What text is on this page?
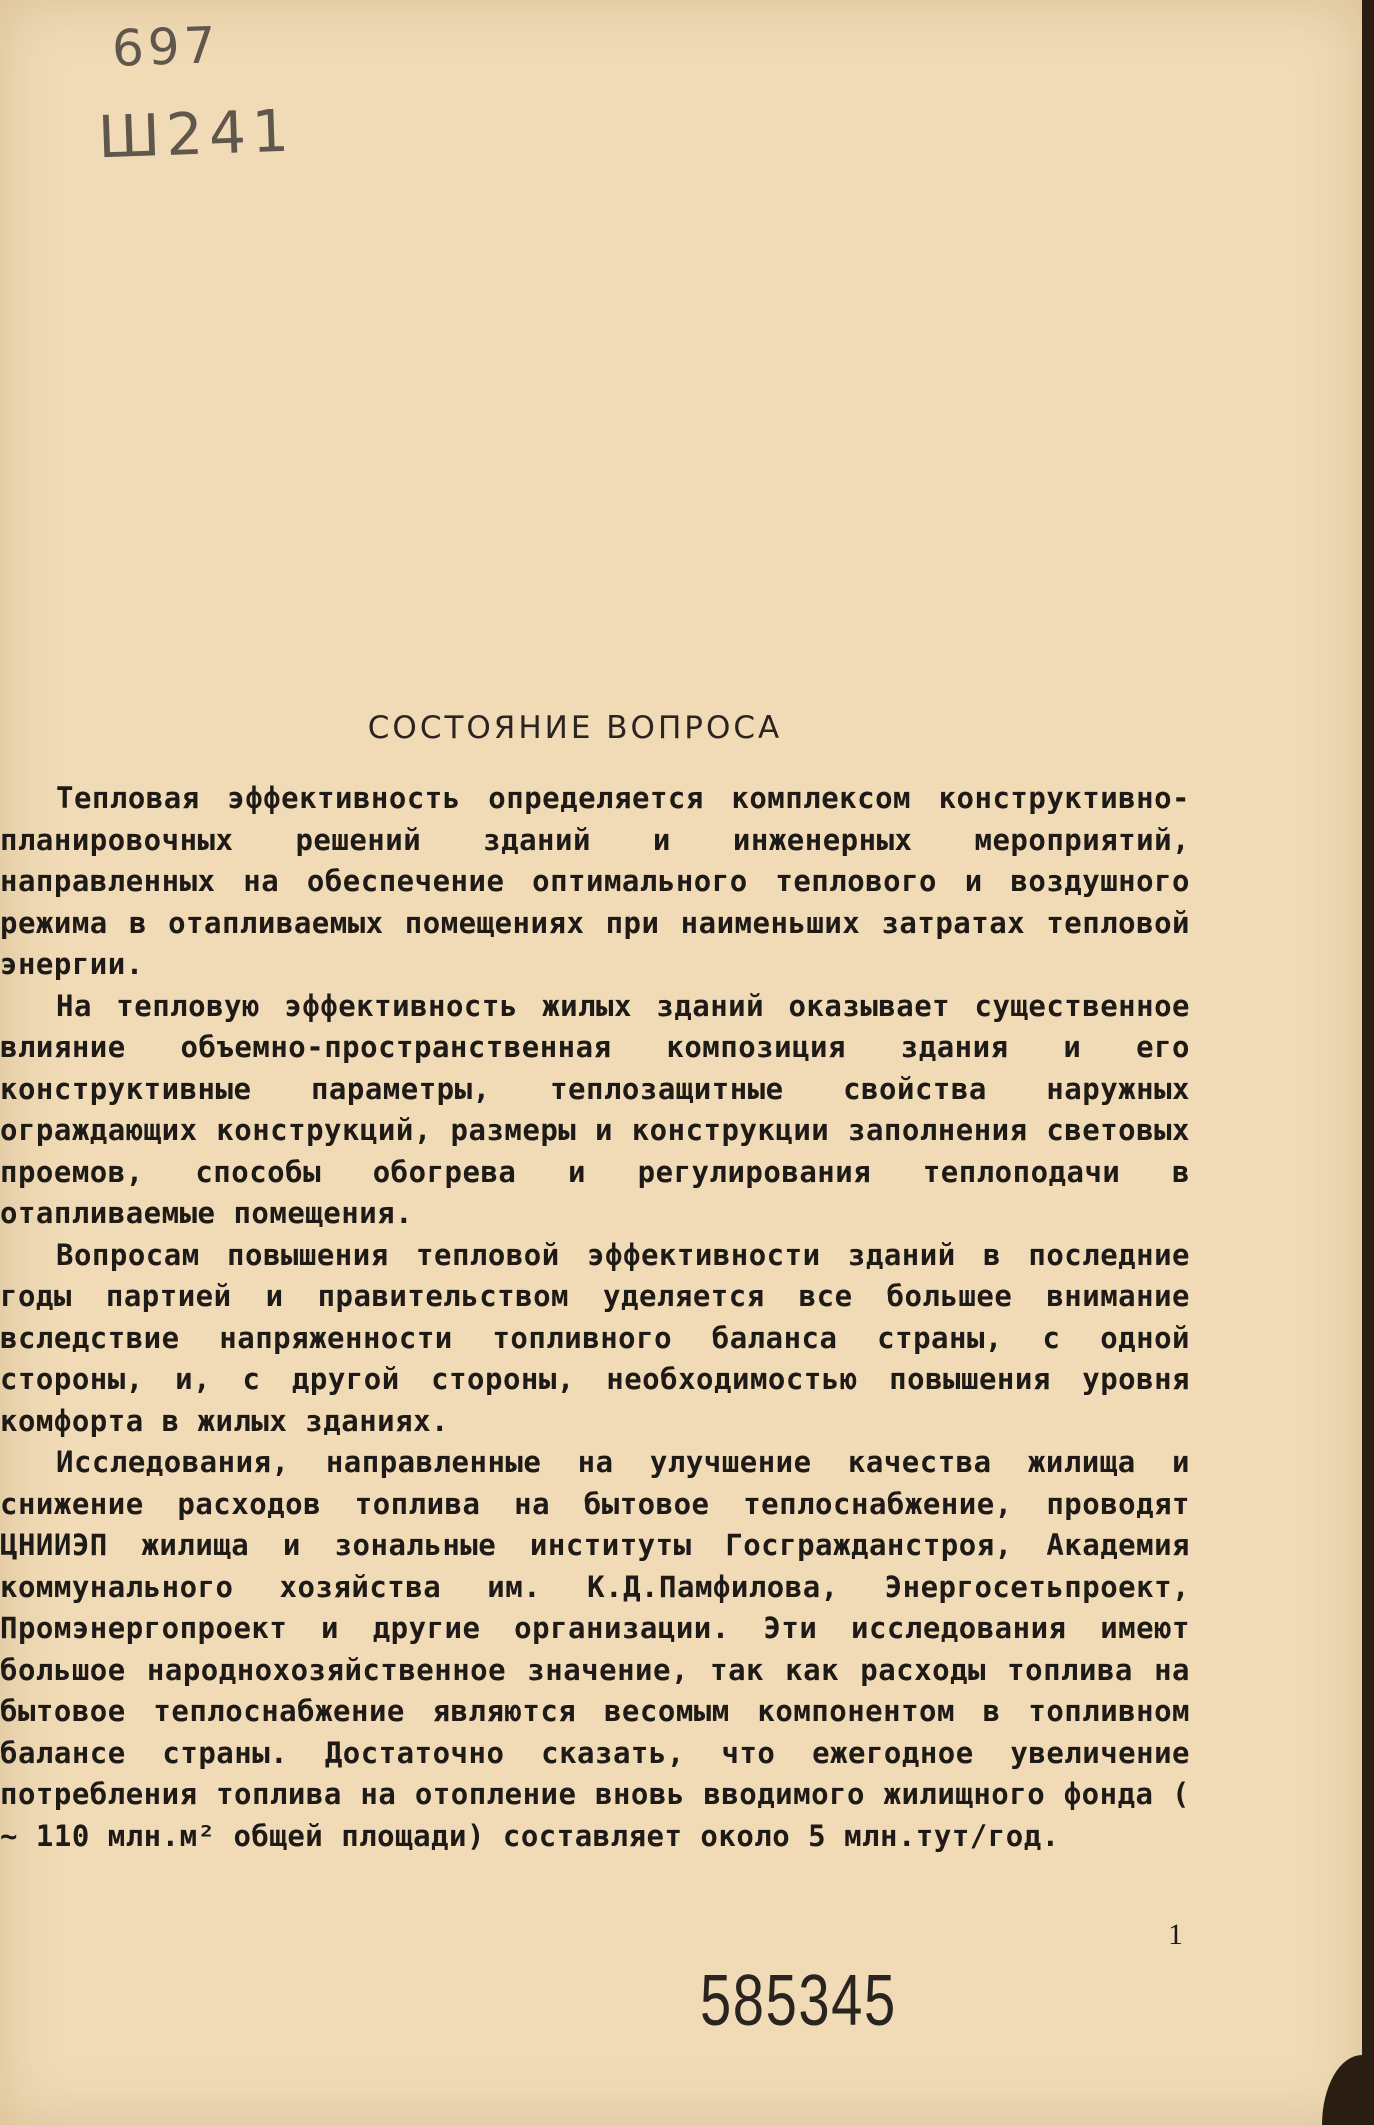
697
Ш241
СОСТОЯНИЕ ВОПРОСА

Тепловая эффективность определяется комплексом конструктивно-планировочных решений зданий и инженерных мероприятий, направленных на обеспечение оптимального теплового и воздушного режима в отапливаемых помещениях при наименьших затратах тепловой энергии.

На тепловую эффективность жилых зданий оказывает существенное влияние объемно-пространственная композиция здания и его конструктивные параметры, теплозащитные свойства наружных ограждающих конструкций, размеры и конструкции заполнения световых проемов, способы обогрева и регулирования теплоподачи в отапливаемые помещения.

Вопросам повышения тепловой эффективности зданий в последние годы партией и правительством уделяется все большее внимание вследствие напряженности топливного баланса страны, с одной стороны, и, с другой стороны, необходимостью повышения уровня комфорта в жилых зданиях.

Исследования, направленные на улучшение качества жилища и снижение расходов топлива на бытовое теплоснабжение, проводят ЦНИИЭП жилища и зональные институты Госгражданстроя, Академия коммунального хозяйства им. К.Д.Памфилова, Энергосетьпроект, Промэнергопроект и другие организации. Эти исследования имеют большое народнохозяйственное значение, так как расходы топлива на бытовое теплоснабжение являются весомым компонентом в топливном балансе страны. Достаточно сказать, что ежегодное увеличение потребления топлива на отопление вновь вводимого жилищного фонда ( ~ 110 млн.м² общей площади) составляет около 5 млн.тут/год.

1
585345
